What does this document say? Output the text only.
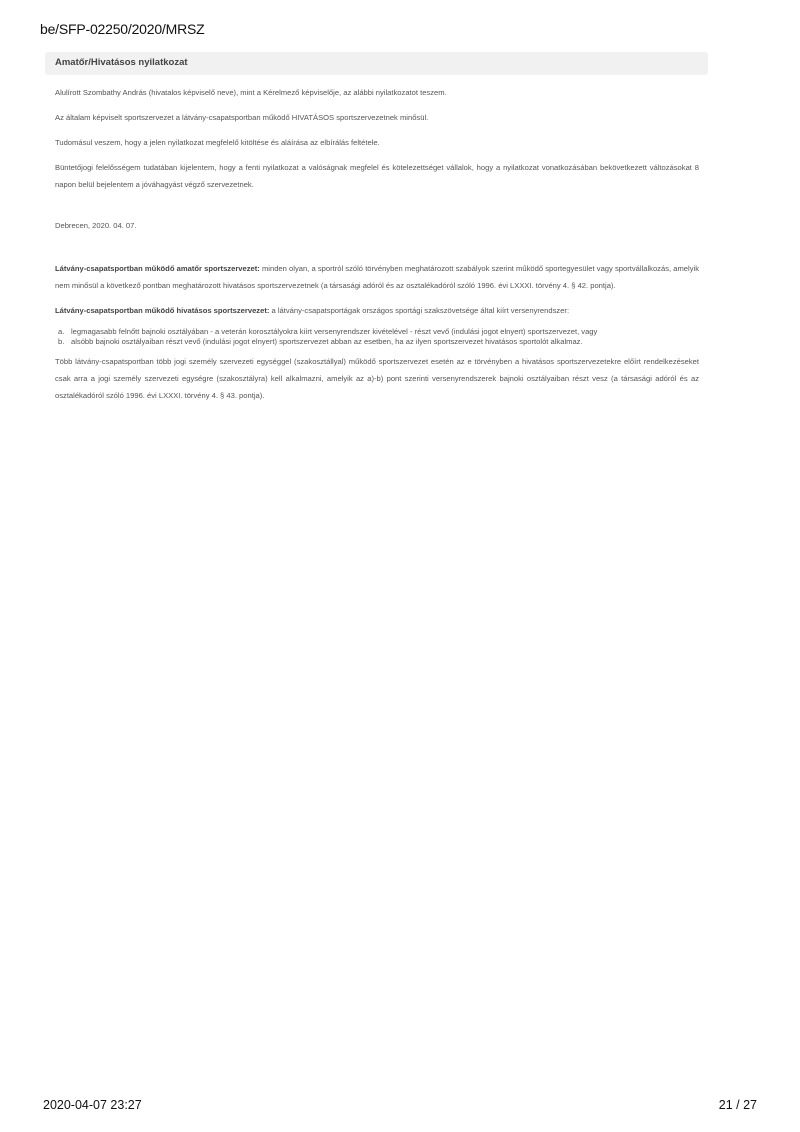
be/SFP-02250/2020/MRSZ
Amatőr/Hivatásos nyilatkozat

Alulírott Szombathy András (hivatalos képviselő neve), mint a Kérelmező képviselője, az alábbi nyilatkozatot teszem.

Az általam képviselt sportszervezet a látvány-csapatsportban működő HIVATÁSOS sportszervezetnek minősül.

Tudomásul veszem, hogy a jelen nyilatkozat megfelelő kitöltése és aláírása az elbírálás feltétele.

Büntetőjogi felelősségem tudatában kijelentem, hogy a fenti nyilatkozat a valóságnak megfelel és kötelezettséget vállalok, hogy a nyilatkozat vonatkozásában bekövetkezett változásokat 8 napon belül bejelentem a jóváhagyást végző szervezetnek.

Debrecen, 2020. 04. 07.

Látvány-csapatsportban működő amatőr sportszervezet: minden olyan, a sportról szóló törvényben meghatározott szabályok szerint működő sportegyesület vagy sportvállalkozás, amelyik nem minősül a következő pontban meghatározott hivatásos sportszervezetnek (a társasági adóról és az osztalékadóról szóló 1996. évi LXXXI. törvény 4. § 42. pontja).

Látvány-csapatsportban működő hivatásos sportszervezet: a látvány-csapatsportágak országos sportági szakszövetsége által kiírt versenyrendszer:

a. legmagasabb felnőtt bajnoki osztályában - a veterán korosztályokra kiírt versenyrendszer kivételével - részt vevő (indulási jogot elnyert) sportszervezet, vagy
b. alsóbb bajnoki osztályaiban részt vevő (indulási jogot elnyert) sportszervezet abban az esetben, ha az ilyen sportszervezet hivatásos sportolót alkalmaz.

Több látvány-csapatsportban több jogi személy szervezeti egységgel (szakosztállyal) működő sportszervezet esetén az e törvényben a hivatásos sportszervezetekre előírt rendelkezéseket csak arra a jogi személy szervezeti egységre (szakosztályra) kell alkalmazni, amelyik az a)-b) pont szerinti versenyrendszerek bajnoki osztályaiban részt vesz (a társasági adóról és az osztalékadóról szóló 1996. évi LXXXI. törvény 4. § 43. pontja).

2020-04-07 23:27	21 / 27
